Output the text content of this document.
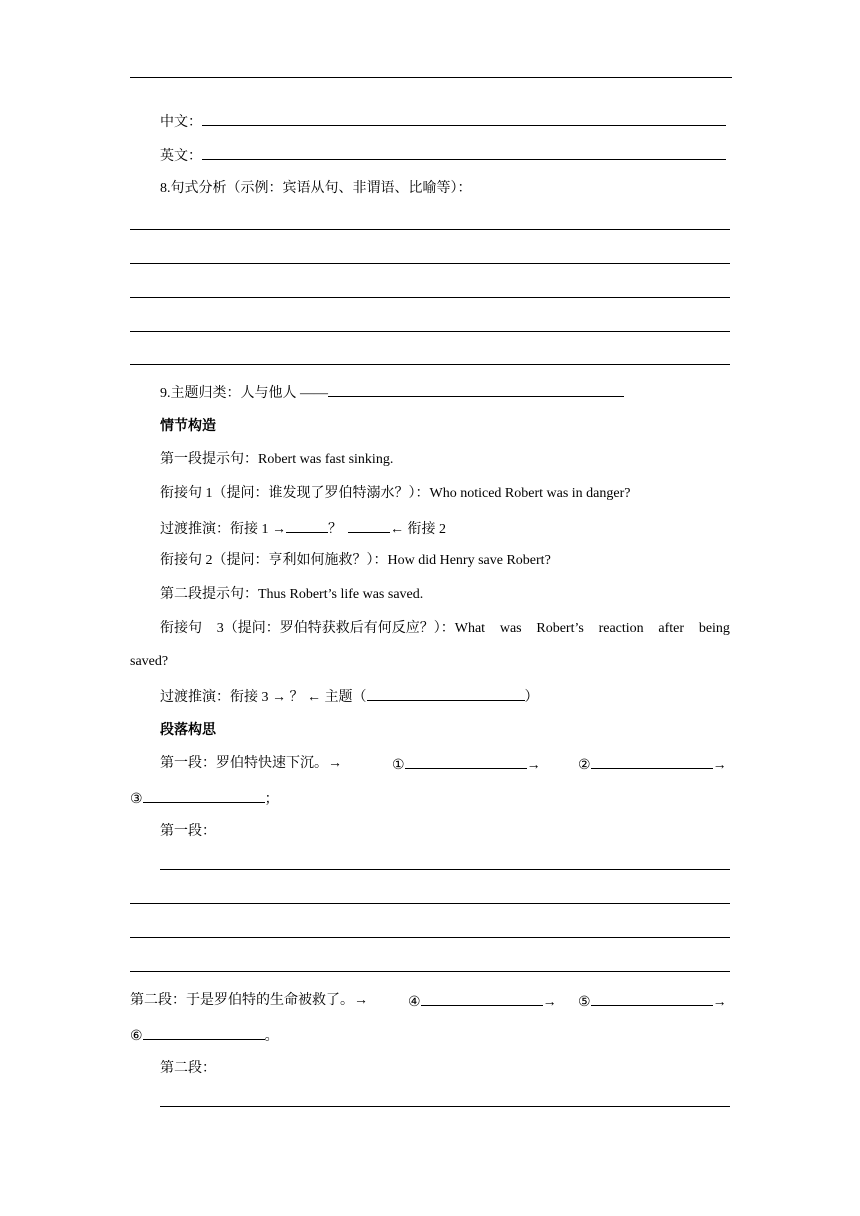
中文：
英文：
8.句式分析（示例：宾语从句、非谓语、比喻等）：
9.主题归类：人与他人 ——
情节构造
第一段提示句：Robert was fast sinking.
衔接句 1（提问：谁发现了罗伯特溺水？）：Who noticed Robert was in danger?
过渡推演：衔接 1 →	？	← 衔接 2
衔接句 2（提问：亨利如何施救？）：How did Henry save Robert?
第二段提示句：Thus Robert’s life was saved.
衔接句 3（提问：罗伯特获救后有何反应？）：What was Robert’s reaction after being
saved?
过渡推演：衔接 3 → ？ ← 主题（	）
段落构思
第一段：罗伯特快速下沉。→	①	→	②	→
③	；
第一段：
第二段：于是罗伯特的生命被救了。→	④	→ ⑤	→
⑥	。
第二段：
